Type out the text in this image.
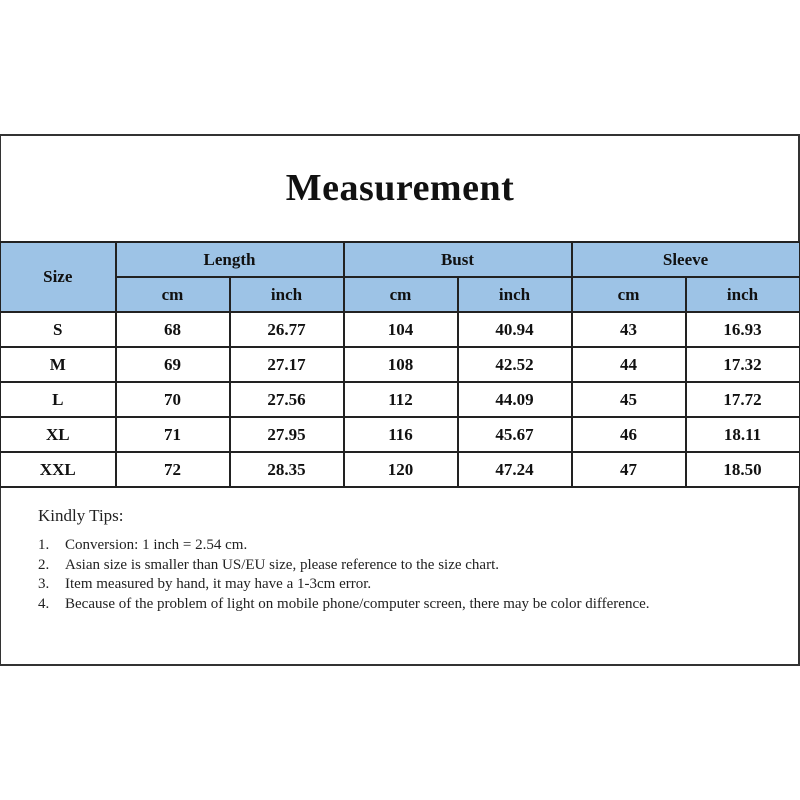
Measurement
Size	Length		Bust		Sleeve	
	cm	inch	cm	inch	cm	inch
S	68	26.77	104	40.94	43	16.93
M	69	27.17	108	42.52	44	17.32
L	70	27.56	112	44.09	45	17.72
XL	71	27.95	116	45.67	46	18.11
XXL	72	28.35	120	47.24	47	18.50
Kindly Tips:
1.	Conversion: 1 inch = 2.54 cm.
2.	Asian size is smaller than US/EU size, please reference to the size chart.
3.	Item measured by hand, it may have a 1-3cm error.
4.	Because of the problem of light on mobile phone/computer screen, there may be color difference.
